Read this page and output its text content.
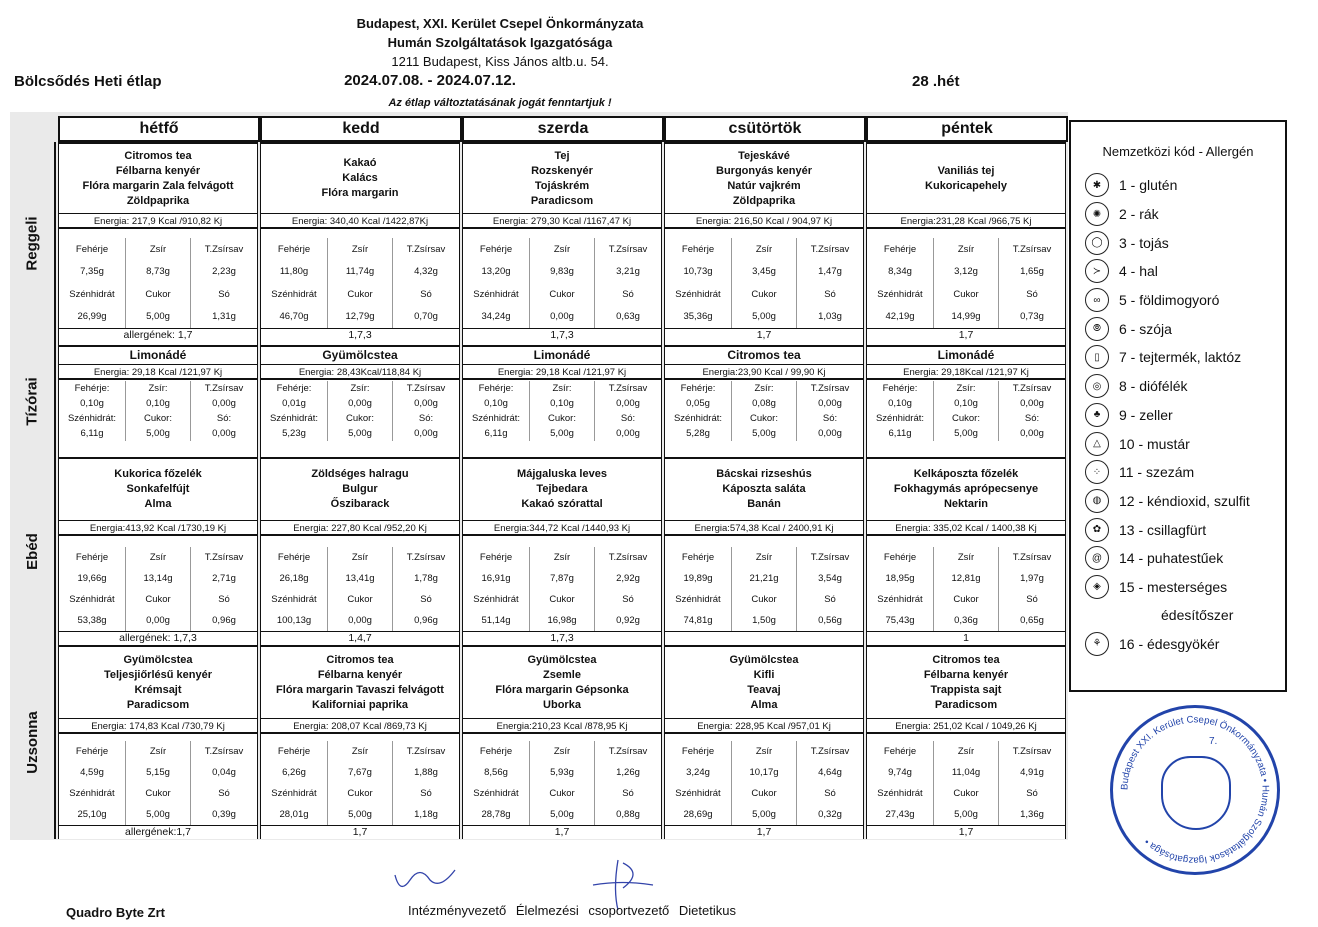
Budapest, XXI. Kerület Csepel Önkormányzata
Humán Szolgáltatások Igazgatósága
1211 Budapest, Kiss János altb.u. 54.
Bölcsődés Heti étlap	2024.07.08. - 2024.07.12.	28 .hét
Az étlap változtatásának jogát fenntartjuk !
hétfő	kedd	szerda	csütörtök	péntek
Reggeli
Citromos tea
Félbarna kenyér
Flóra margarin Zala felvágott
Zöldpaprika
Energia: 217,9 Kcal /910,82 Kj
Fehérje	Zsír	T.Zsírsav
7,35g	8,73g	2,23g
Szénhidrát	Cukor	Só
26,99g	5,00g	1,31g
allergének: 1,7
Kakaó
Kalács
Flóra margarin
Energia: 340,40 Kcal /1422,87Kj
Fehérje	Zsír	T.Zsírsav
11,80g	11,74g	4,32g
Szénhidrát	Cukor	Só
46,70g	12,79g	0,70g
1,7,3
Tej
Rozskenyér
Tojáskrém
Paradicsom
Energia: 279,30 Kcal /1167,47 Kj
Fehérje	Zsír	T.Zsírsav
13,20g	9,83g	3,21g
Szénhidrát	Cukor	Só
34,24g	0,00g	0,63g
1,7,3
Tejeskávé
Burgonyás kenyér
Natúr vajkrém
Zöldpaprika
Energia: 216,50 Kcal / 904,97 Kj
Fehérje	Zsír	T.Zsírsav
10,73g	3,45g	1,47g
Szénhidrát	Cukor	Só
35,36g	5,00g	1,03g
1,7
Vaniliás tej
Kukoricapehely
Energia:231,28 Kcal /966,75 Kj
Fehérje	Zsír	T.Zsírsav
8,34g	3,12g	1,65g
Szénhidrát	Cukor	Só
42,19g	14,99g	0,73g
1,7
Tízórai
Limonádé
Energia: 29,18 Kcal /121,97 Kj
Fehérje:	Zsír:	T.Zsírsav
0,10g	0,10g	0,00g
Szénhidrát:	Cukor:	Só:
6,11g	5,00g	0,00g
Gyümölcstea
Energia: 28,43Kcal/118,84 Kj
Fehérje:	Zsír:	T.Zsírsav
0,01g	0,00g	0,00g
Szénhidrát:	Cukor:	Só:
5,23g	5,00g	0,00g
Limonádé
Energia: 29,18 Kcal /121,97 Kj
Fehérje:	Zsír:	T.Zsírsav
0,10g	0,10g	0,00g
Szénhidrát:	Cukor:	Só:
6,11g	5,00g	0,00g
Citromos tea
Energia:23,90 Kcal / 99,90 Kj
Fehérje:	Zsír:	T.Zsírsav
0,05g	0,08g	0,00g
Szénhidrát:	Cukor:	Só:
5,28g	5,00g	0,00g
Limonádé
Energia: 29,18Kcal /121,97 Kj
Fehérje:	Zsír:	T.Zsírsav
0,10g	0,10g	0,00g
Szénhidrát:	Cukor:	Só:
6,11g	5,00g	0,00g
Ebéd
Kukorica főzelék
Sonkafelfújt
Alma
Energia:413,92 Kcal /1730,19 Kj
Fehérje	Zsír	T.Zsírsav
19,66g	13,14g	2,71g
Szénhidrát	Cukor	Só
53,38g	0,00g	0,96g
allergének: 1,7,3
Zöldséges halragu
Bulgur
Őszibarack
Energia: 227,80 Kcal /952,20 Kj
Fehérje	Zsír	T.Zsírsav
26,18g	13,41g	1,78g
Szénhidrát	Cukor	Só
100,13g	0,00g	0,96g
1,4,7
Májgaluska leves
Tejbedara
Kakaó szórattal
Energia:344,72 Kcal /1440,93 Kj
Fehérje	Zsír	T.Zsírsav
16,91g	7,87g	2,92g
Szénhidrát	Cukor	Só
51,14g	16,98g	0,92g
1,7,3
Bácskai rizseshús
Káposzta saláta
Banán
Energia:574,38 Kcal / 2400,91 Kj
Fehérje	Zsír	T.Zsírsav
19,89g	21,21g	3,54g
Szénhidrát	Cukor	Só
74,81g	1,50g	0,56g
Kelkáposzta főzelék
Fokhagymás aprópecsenye
Nektarin
Energia: 335,02 Kcal / 1400,38 Kj
Fehérje	Zsír	T.Zsírsav
18,95g	12,81g	1,97g
Szénhidrát	Cukor	Só
75,43g	0,36g	0,65g
1
Uzsonna
Gyümölcstea
Teljesjiőrlésű kenyér
Krémsajt
Paradicsom
Energia: 174,83 Kcal /730,79 Kj
Fehérje	Zsír	T.Zsírsav
4,59g	5,15g	0,04g
Szénhidrát	Cukor	Só
25,10g	5,00g	0,39g
allergének:1,7
Citromos tea
Félbarna kenyér
Flóra margarin Tavaszi felvágott
Kaliforniai paprika
Energia: 208,07 Kcal /869,73 Kj
Fehérje	Zsír	T.Zsírsav
6,26g	7,67g	1,88g
Szénhidrát	Cukor	Só
28,01g	5,00g	1,18g
1,7
Gyümölcstea
Zsemle
Flóra margarin Gépsonka
Uborka
Energia:210,23 Kcal /878,95 Kj
Fehérje	Zsír	T.Zsírsav
8,56g	5,93g	1,26g
Szénhidrát	Cukor	Só
28,78g	5,00g	0,88g
1,7
Gyümölcstea
Kifli
Teavaj
Alma
Energia: 228,95 Kcal /957,01 Kj
Fehérje	Zsír	T.Zsírsav
3,24g	10,17g	4,64g
Szénhidrát	Cukor	Só
28,69g	5,00g	0,32g
1,7
Citromos tea
Félbarna kenyér
Trappista sajt
Paradicsom
Energia: 251,02 Kcal / 1049,26 Kj
Fehérje	Zsír	T.Zsírsav
9,74g	11,04g	4,91g
Szénhidrát	Cukor	Só
27,43g	5,00g	1,36g
1,7
Nemzetközi kód - Allergén
✱	1 - glutén
✺	2 - rák
◯	3 - tojás
≻	4 - hal
∞	5 - földimogyoró
⦾	6 - szója
▯	7 - tejtermék, laktóz
◎	8 - diófélék
♣	9 - zeller
△	10 - mustár
⁘	11 - szezám
◍	12 - kéndioxid, szulfit
✿	13 - csillagfürt
@	14 - puhatestűek
◈	15 - mesterséges
édesítőszer
⚘	16 - édesgyökér
Budapest XXI. Kerület Csepel Önkormányzata • Humán Szolgáltatások Igazgatósága •
7.
Quadro Byte Zrt	Intézményvezető Élelmezési csoportvezető Dietetikus
